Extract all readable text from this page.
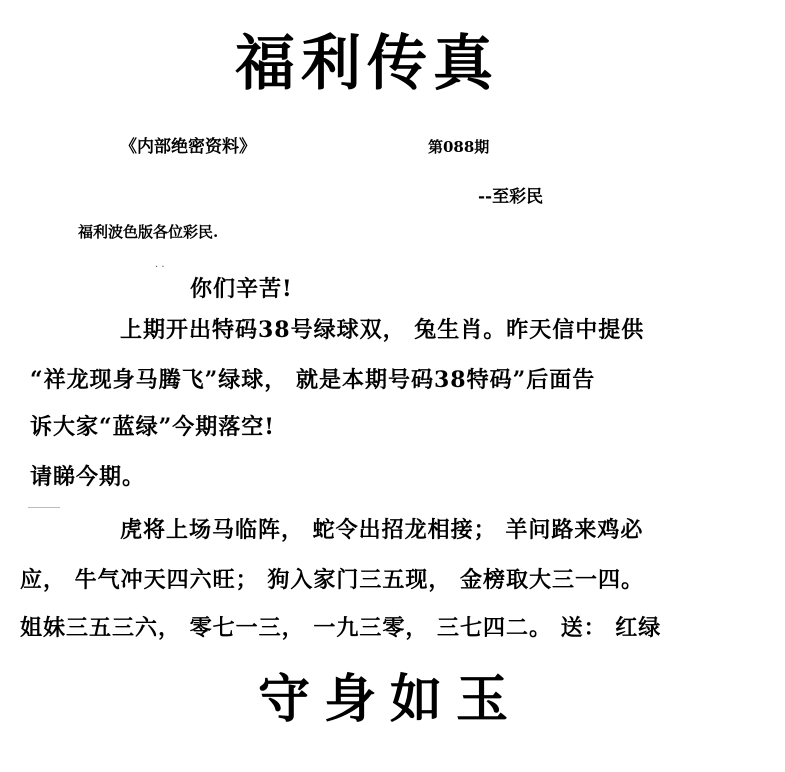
福利传真
《内部绝密资料》	第088期
--至彩民
福利波色版各位彩民.
· ·
你们辛苦!
上期开出特码38号绿球双， 兔生肖。昨天信中提供
“祥龙现身马腾飞”绿球， 就是本期号码38特码”后面告
诉大家“蓝绿”今期落空!
请睇今期。
虎将上场马临阵， 蛇令出招龙相接； 羊问路来鸡必
应， 牛气冲天四六旺； 狗入家门三五现， 金榜取大三一四。
姐妹三五三六， 零七一三， 一九三零， 三七四二。 送： 红绿
守身如玉
